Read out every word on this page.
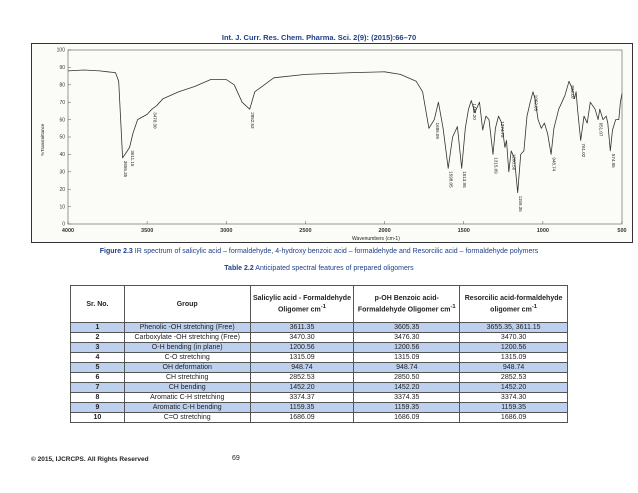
Int. J. Curr. Res. Chem. Pharma. Sci. 2(9): (2015):66–70
100
90
80
70
60
50
40
30
20
10
0
4000	3500	3000	2500	2000	1500	1000	500
3655.35
3611.15
3470.30	2852.53
1686.09
1598.05 1513.95
1452.20
1315.09
1274.75
1200.56
1159.35
1062.05
948.74
832.07
761.02
651.07
574.95
%Transmittance
Wavenumbers (cm-1)
Figure 2.3 IR spectrum of salicylic acid – formaldehyde, 4-hydroxy benzoic acid – formaldehyde and Resorcilic acid – formaldehyde polymers
Table 2.2 Anticipated spectral features of prepared oligomers
Sr. No.	Group	Salicylic acid - Formaldehyde Oligomer $cm^{-1}$	p-OH Benzoic acid-Formaldehyde Oligomer $cm^{-1}$	Resorcilic acid-formaldehyde oligomer $cm^{-1}$
1	Phenolic -OH stretching (Free)	3611.35	3605.35	3655.35, 3611.15
2	Carboxylate -OH stretching (Free)	3470.30	3476.30	3470.30
3	O-H bending (in plane)	1200.56	1200.56	1200.56
4	C-O stretching	1315.09	1315.09	1315.09
5	OH deformation	948.74	948.74	948.74
6	CH stretching	2852.53	2850.50	2852.53
7	CH bending	1452.20	1452.20	1452.20
8	Aromatic C-H stretching	3374.37	3374.35	3374.30
9	Aromatic C-H bending	1159.35	1159.35	1159.35
10	C=O stretching	1686.09	1686.09	1686.09
© 2015, IJCRCPS. All Rights Reserved	69
